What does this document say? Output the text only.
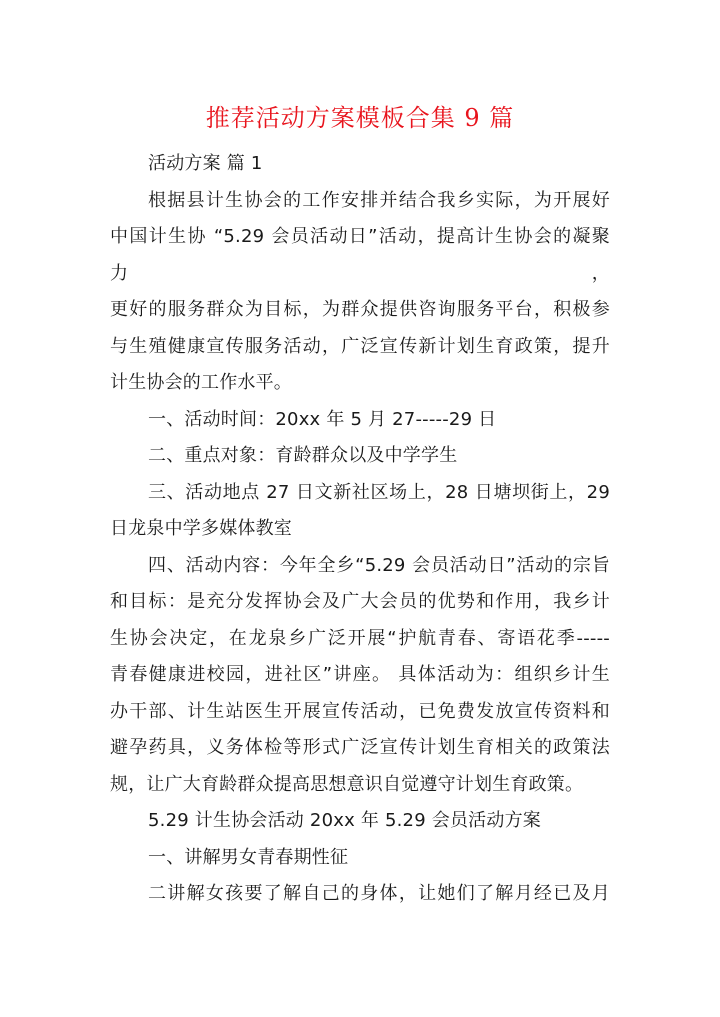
推荐活动方案模板合集 9 篇

活动方案 篇 1

根据县计生协会的工作安排并结合我乡实际，为开展好
中国计生协 “5.29 会员活动日”活动，提高计生协会的凝聚力，
更好的服务群众为目标，为群众提供咨询服务平台，积极参
与生殖健康宣传服务活动，广泛宣传新计划生育政策，提升
计生协会的工作水平。

一、活动时间：20xx 年 5 月 27-----29 日

二、重点对象：育龄群众以及中学学生

三、活动地点 27 日文新社区场上，28 日塘坝街上，29
日龙泉中学多媒体教室

四、活动内容：今年全乡“5.29 会员活动日”活动的宗旨
和目标：是充分发挥协会及广大会员的优势和作用，我乡计
生协会决定，在龙泉乡广泛开展“护航青春、寄语花季-----
青春健康进校园，进社区”讲座。 具体活动为：组织乡计生
办干部、计生站医生开展宣传活动，已免费发放宣传资料和
避孕药具，义务体检等形式广泛宣传计划生育相关的政策法
规，让广大育龄群众提高思想意识自觉遵守计划生育政策。

5.29 计生协会活动 20xx 年 5.29 会员活动方案

一、讲解男女青春期性征

二讲解女孩要了解自己的身体，让她们了解月经已及月
